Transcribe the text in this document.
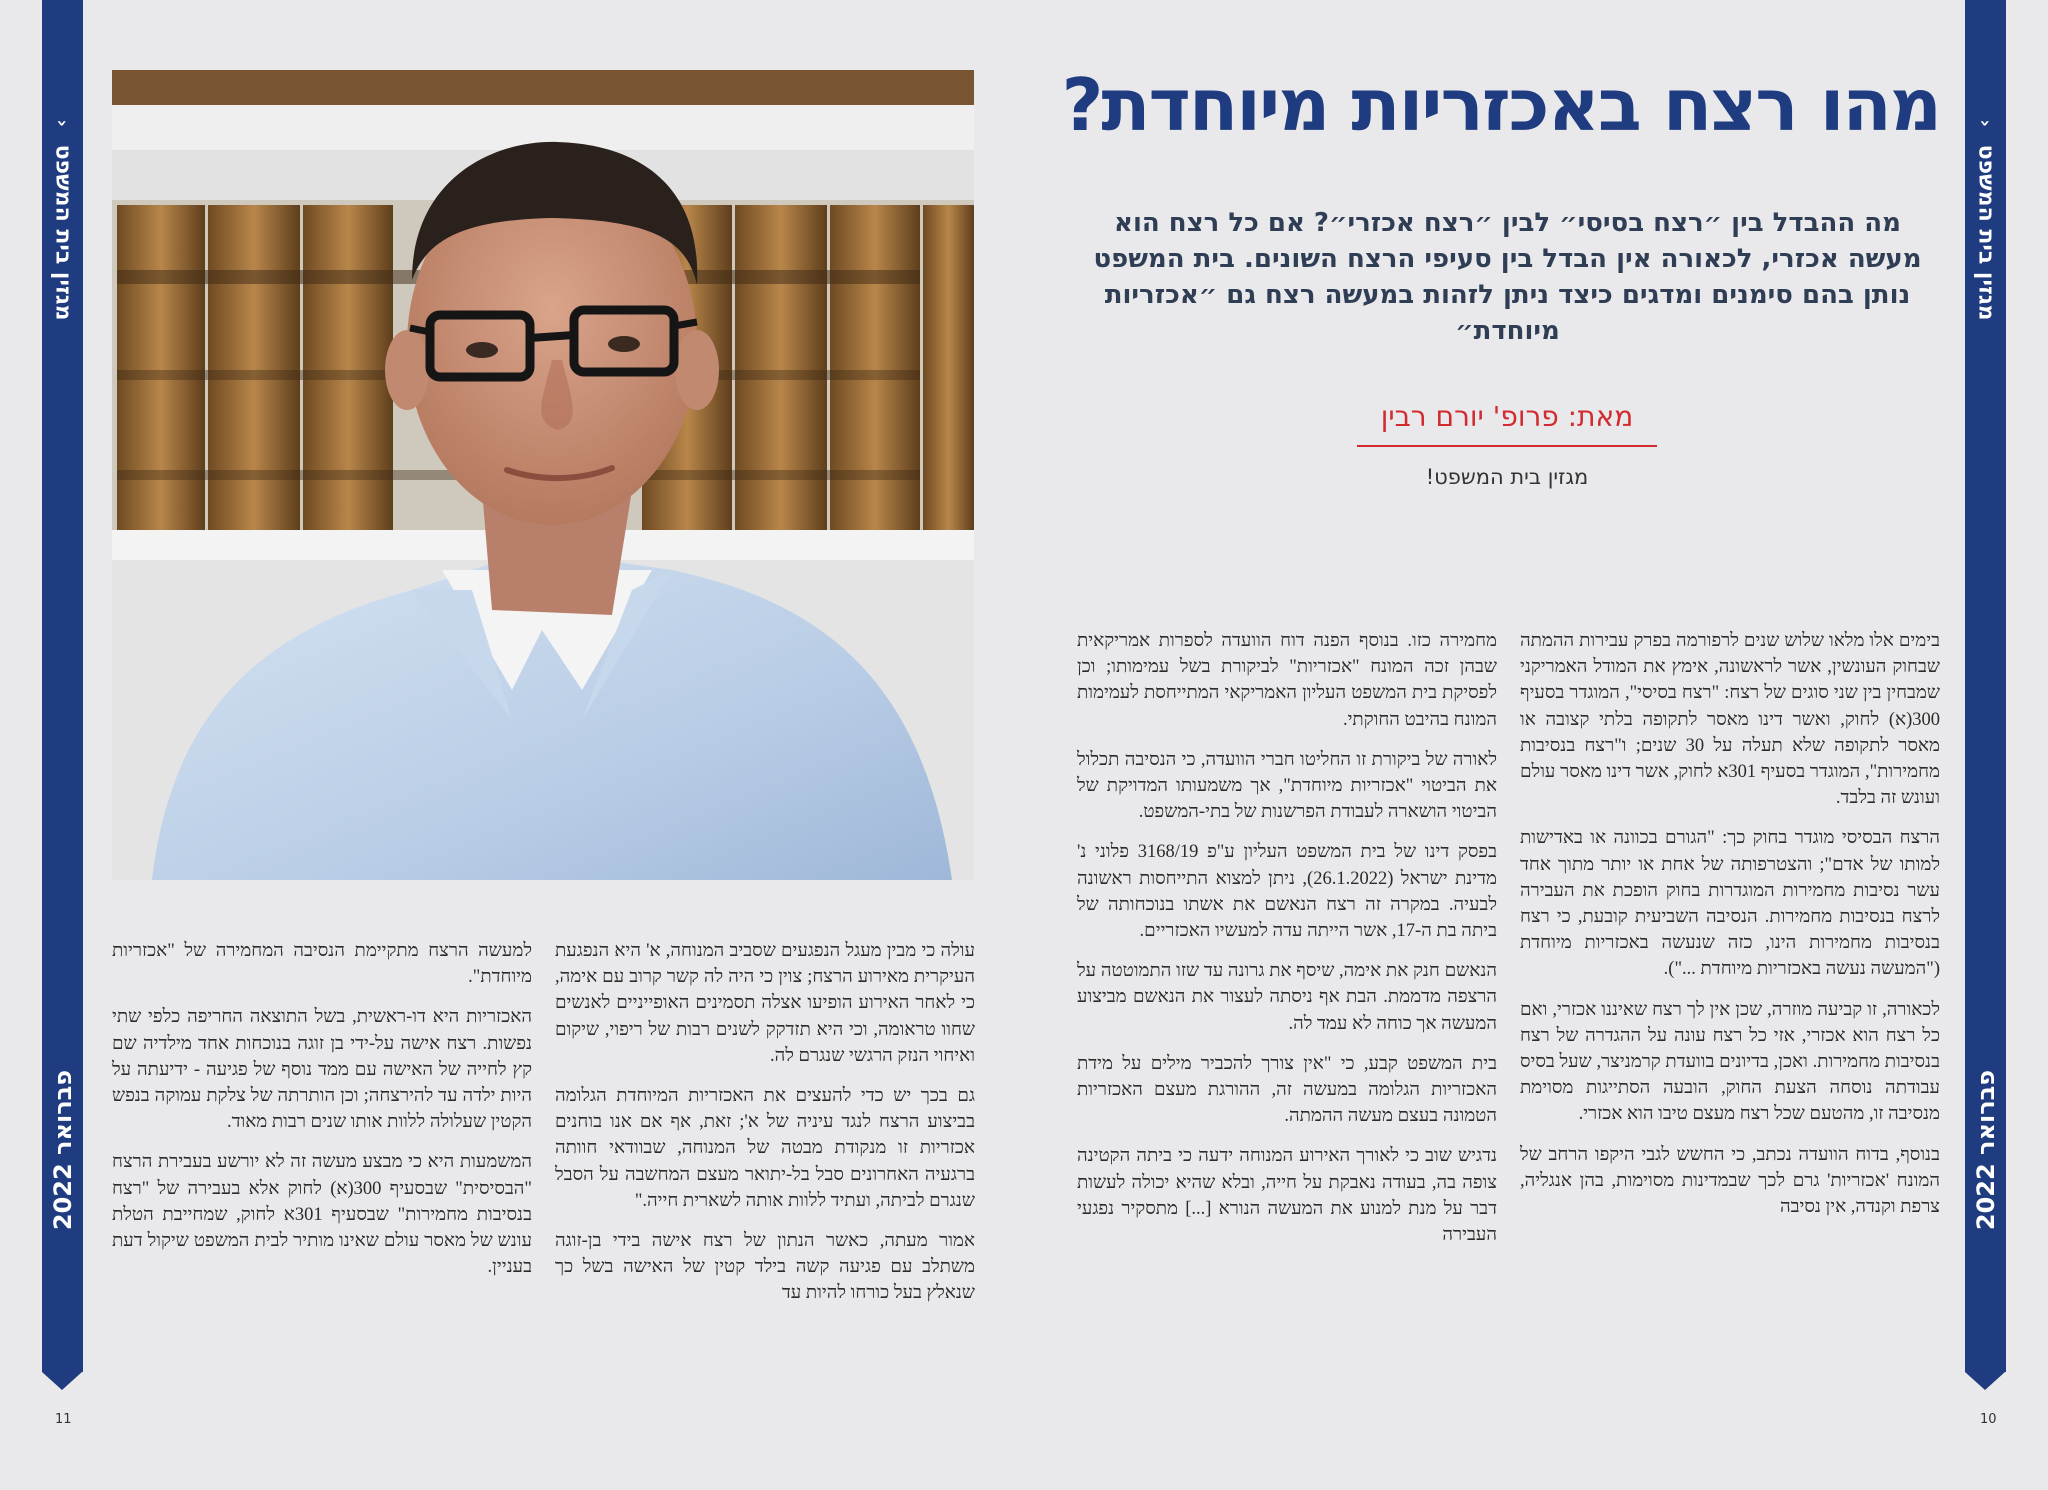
מגזין בית המשפט ‹
פברואר 2022
מגזין בית המשפט ‹
פברואר 2022
11	10
מהו רצח באכזריות מיוחדת?

מה ההבדל בין ״רצח בסיסי״ לבין ״רצח אכזרי״? אם כל רצח הוא מעשה אכזרי, לכאורה אין הבדל בין סעיפי הרצח השונים. בית המשפט נותן בהם סימנים ומדגים כיצד ניתן לזהות במעשה רצח גם ״אכזריות מיוחדת״

מאת: פרופ' יורם רבין
מגזין בית המשפט!

בימים אלו מלאו שלוש שנים לרפורמה בפרק עבירות ההמתה שבחוק העונשין, אשר לראשונה, אימץ את המודל האמריקני שמבחין בין שני סוגים של רצח: "רצח בסיסי", המוגדר בסעיף 300(א) לחוק, ואשר דינו מאסר לתקופה בלתי קצובה או מאסר לתקופה שלא תעלה על 30 שנים; ו"רצח בנסיבות מחמירות", המוגדר בסעיף 301א לחוק, אשר דינו מאסר עולם ועונש זה בלבד.

הרצח הבסיסי מוגדר בחוק כך: "הגורם בכוונה או באדישות למותו של אדם"; והצטרפותה של אחת או יותר מתוך אחד עשר נסיבות מחמירות המוגדרות בחוק הופכת את העבירה לרצח בנסיבות מחמירות. הנסיבה השביעית קובעת, כי רצח בנסיבות מחמירות הינו, כזה שנעשה באכזריות מיוחדת ("המעשה נעשה באכזריות מיוחדת ...").

לכאורה, זו קביעה מוזרה, שכן אין לך רצח שאיננו אכזרי, ואם כל רצח הוא אכזרי, אזי כל רצח עונה על ההגדרה של רצח בנסיבות מחמירות. ואכן, בדיונים בוועדת קרמניצר, שעל בסיס עבודתה נוסחה הצעת החוק, הובעה הסתייגות מסוימת מנסיבה זו, מהטעם שכל רצח מעצם טיבו הוא אכזרי.

בנוסף, בדוח הוועדה נכתב, כי החשש לגבי היקפו הרחב של המונח 'אכזריות' גרם לכך שבמדינות מסוימות, בהן אנגליה, צרפת וקנדה, אין נסיבה

מחמירה כזו. בנוסף הפנה דוח הוועדה לספרות אמריקאית שבהן זכה המונח "אכזריות" לביקורת בשל עמימותו; וכן לפסיקת בית המשפט העליון האמריקאי המתייחסת לעמימות המונח בהיבט החוקתי.

לאורה של ביקורת זו החליטו חברי הוועדה, כי הנסיבה תכלול את הביטוי "אכזריות מיוחדת", אך משמעותו המדויקת של הביטוי הושארה לעבודת הפרשנות של בתי-המשפט.

בפסק דינו של בית המשפט העליון ע"פ 3168/19 פלוני נ' מדינת ישראל (26.1.2022), ניתן למצוא התייחסות ראשונה לבעיה. במקרה זה רצח הנאשם את אשתו בנוכחותה של ביתה בת ה-17, אשר הייתה עדה למעשיו האכזריים.

הנאשם חנק את אימה, שיסף את גרונה עד שזו התמוטטה על הרצפה מדממת. הבת אף ניסתה לעצור את הנאשם מביצוע המעשה אך כוחה לא עמד לה.

בית המשפט קבע, כי "אין צורך להכביר מילים על מידת האכזריות הגלומה במעשה זה, ההורגת מעצם האכזריות הטמונה בעצם מעשה ההמתה.

נדגיש שוב כי לאורך האירוע המנוחה ידעה כי ביתה הקטינה צופה בה, בעודה נאבקת על חייה, ובלא שהיא יכולה לעשות דבר על מנת למנוע את המעשה הנורא [...] מתסקיר נפגעי העבירה

עולה כי מבין מעגל הנפגעים שסביב המנוחה, א' היא הנפגעת העיקרית מאירוע הרצח; צוין כי היה לה קשר קרוב עם אימה, כי לאחר האירוע הופיעו אצלה תסמינים האופייניים לאנשים שחוו טראומה, וכי היא תזדקק לשנים רבות של ריפוי, שיקום ואיחוי הנזק הרגשי שנגרם לה.

גם בכך יש כדי להעצים את האכזריות המיוחדת הגלומה בביצוע הרצח לנגד עיניה של א'; זאת, אף אם אנו בוחנים אכזריות זו מנקודת מבטה של המנוחה, שבוודאי חוותה ברגעיה האחרונים סבל בל-יתואר מעצם המחשבה על הסבל שנגרם לביתה, ועתיד ללוות אותה לשארית חייה."

אמור מעתה, כאשר הנתון של רצח אישה בידי בן-זוגה משתלב עם פגיעה קשה בילד קטין של האישה בשל כך שנאלץ בעל כורחו להיות עד

למעשה הרצח מתקיימת הנסיבה המחמירה של "אכזריות מיוחדת".

האכזריות היא דו-ראשית, בשל התוצאה החריפה כלפי שתי נפשות. רצח אישה על-ידי בן זוגה בנוכחות אחד מילדיה שם קץ לחייה של האישה עם ממד נוסף של פגיעה - ידיעתה על היות ילדה עד להירצחה; וכן הותרתה של צלקת עמוקה בנפש הקטין שעלולה ללוות אותו שנים רבות מאוד.

המשמעות היא כי מבצע מעשה זה לא יורשע בעבירת הרצח "הבסיסית" שבסעיף 300(א) לחוק אלא בעבירה של "רצח בנסיבות מחמירות" שבסעיף 301א לחוק, שמחייבת הטלת עונש של מאסר עולם שאינו מותיר לבית המשפט שיקול דעת בעניין.
